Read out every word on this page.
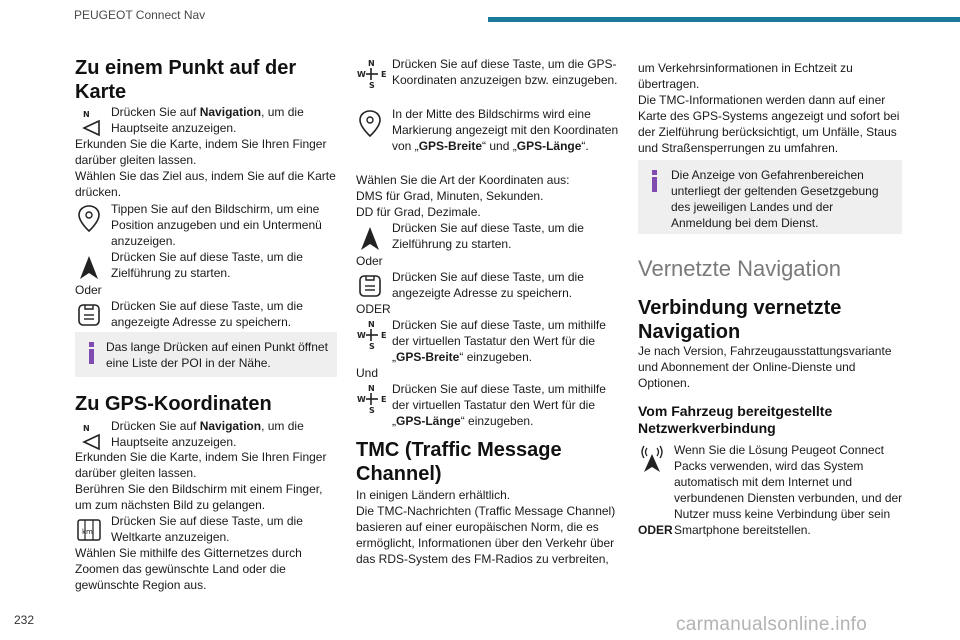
PEUGEOT Connect Nav
232	carmanualsonline.info
Zu einem Punkt auf der Karte
N Drücken Sie auf Navigation, um die Hauptseite anzuzeigen.
Erkunden Sie die Karte, indem Sie Ihren Finger darüber gleiten lassen.
Wählen Sie das Ziel aus, indem Sie auf die Karte drücken.
Tippen Sie auf den Bildschirm, um eine Position anzugeben und ein Untermenü anzuzeigen.
Drücken Sie auf diese Taste, um die Zielführung zu starten.
Oder
Drücken Sie auf diese Taste, um die angezeigte Adresse zu speichern.
Das lange Drücken auf einen Punkt öffnet eine Liste der POI in der Nähe.
Zu GPS-Koordinaten
N Drücken Sie auf Navigation, um die Hauptseite anzuzeigen.
Erkunden Sie die Karte, indem Sie Ihren Finger darüber gleiten lassen.
Berühren Sie den Bildschirm mit einem Finger, um zum nächsten Bild zu gelangen.
km
Drücken Sie auf diese Taste, um die Weltkarte anzuzeigen.
Wählen Sie mithilfe des Gitternetzes durch Zoomen das gewünschte Land oder die gewünschte Region aus.
N
W E
S
Drücken Sie auf diese Taste, um die GPS-Koordinaten anzuzeigen bzw. einzugeben.
In der Mitte des Bildschirms wird eine Markierung angezeigt mit den Koordinaten von „GPS-Breite“ und „GPS-Länge“.
Wählen Sie die Art der Koordinaten aus:
DMS für Grad, Minuten, Sekunden.
DD für Grad, Dezimale.
Drücken Sie auf diese Taste, um die Zielführung zu starten.
Oder
Drücken Sie auf diese Taste, um die angezeigte Adresse zu speichern.
ODER
N
W E
S
Drücken Sie auf diese Taste, um mithilfe der virtuellen Tastatur den Wert für die „GPS-Breite“ einzugeben.
Und
N
W E
S
Drücken Sie auf diese Taste, um mithilfe der virtuellen Tastatur den Wert für die „GPS-Länge“ einzugeben.
TMC (Traffic Message Channel)
In einigen Ländern erhältlich.
Die TMC-Nachrichten (Traffic Message Channel) basieren auf einer europäischen Norm, die es ermöglicht, Informationen über den Verkehr über das RDS-System des FM-Radios zu verbreiten,
um Verkehrsinformationen in Echtzeit zu übertragen.
Die TMC-Informationen werden dann auf einer Karte des GPS-Systems angezeigt und sofort bei der Zielführung berücksichtigt, um Unfälle, Staus und Straßensperrungen zu umfahren.
Die Anzeige von Gefahrenbereichen unterliegt der geltenden Gesetzgebung des jeweiligen Landes und der Anmeldung bei dem Dienst.
Vernetzte Navigation
Verbindung vernetzte Navigation
Je nach Version, Fahrzeugausstattungsvariante und Abonnement der Online-Dienste und Optionen.
Vom Fahrzeug bereitgestellte Netzwerkverbindung
Wenn Sie die Lösung Peugeot Connect Packs verwenden, wird das System automatisch mit dem Internet und verbundenen Diensten verbunden, und der Nutzer muss keine Verbindung über sein Smartphone bereitstellen.
ODER
